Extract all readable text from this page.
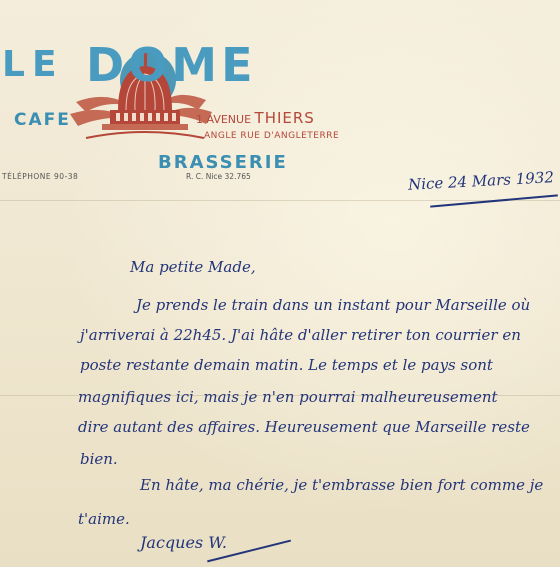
LE DOME
CAFE	1 AVENUE THIERS
ANGLE RUE D'ANGLETERRE
BRASSERIE
TÉLÉPHONE 90-38	R. C. Nice 32.765	Nice 24 Mars 1932
Ma petite Made,
Je prends le train dans un instant pour Marseille où
j'arriverai à 22h45. J'ai hâte d'aller retirer ton courrier en
poste restante demain matin. Le temps et le pays sont
magnifiques ici, mais je n'en pourrai malheureusement
dire autant des affaires. Heureusement que Marseille reste
bien.
En hâte, ma chérie, je t'embrasse bien fort comme je
t'aime.
Jacques W.
